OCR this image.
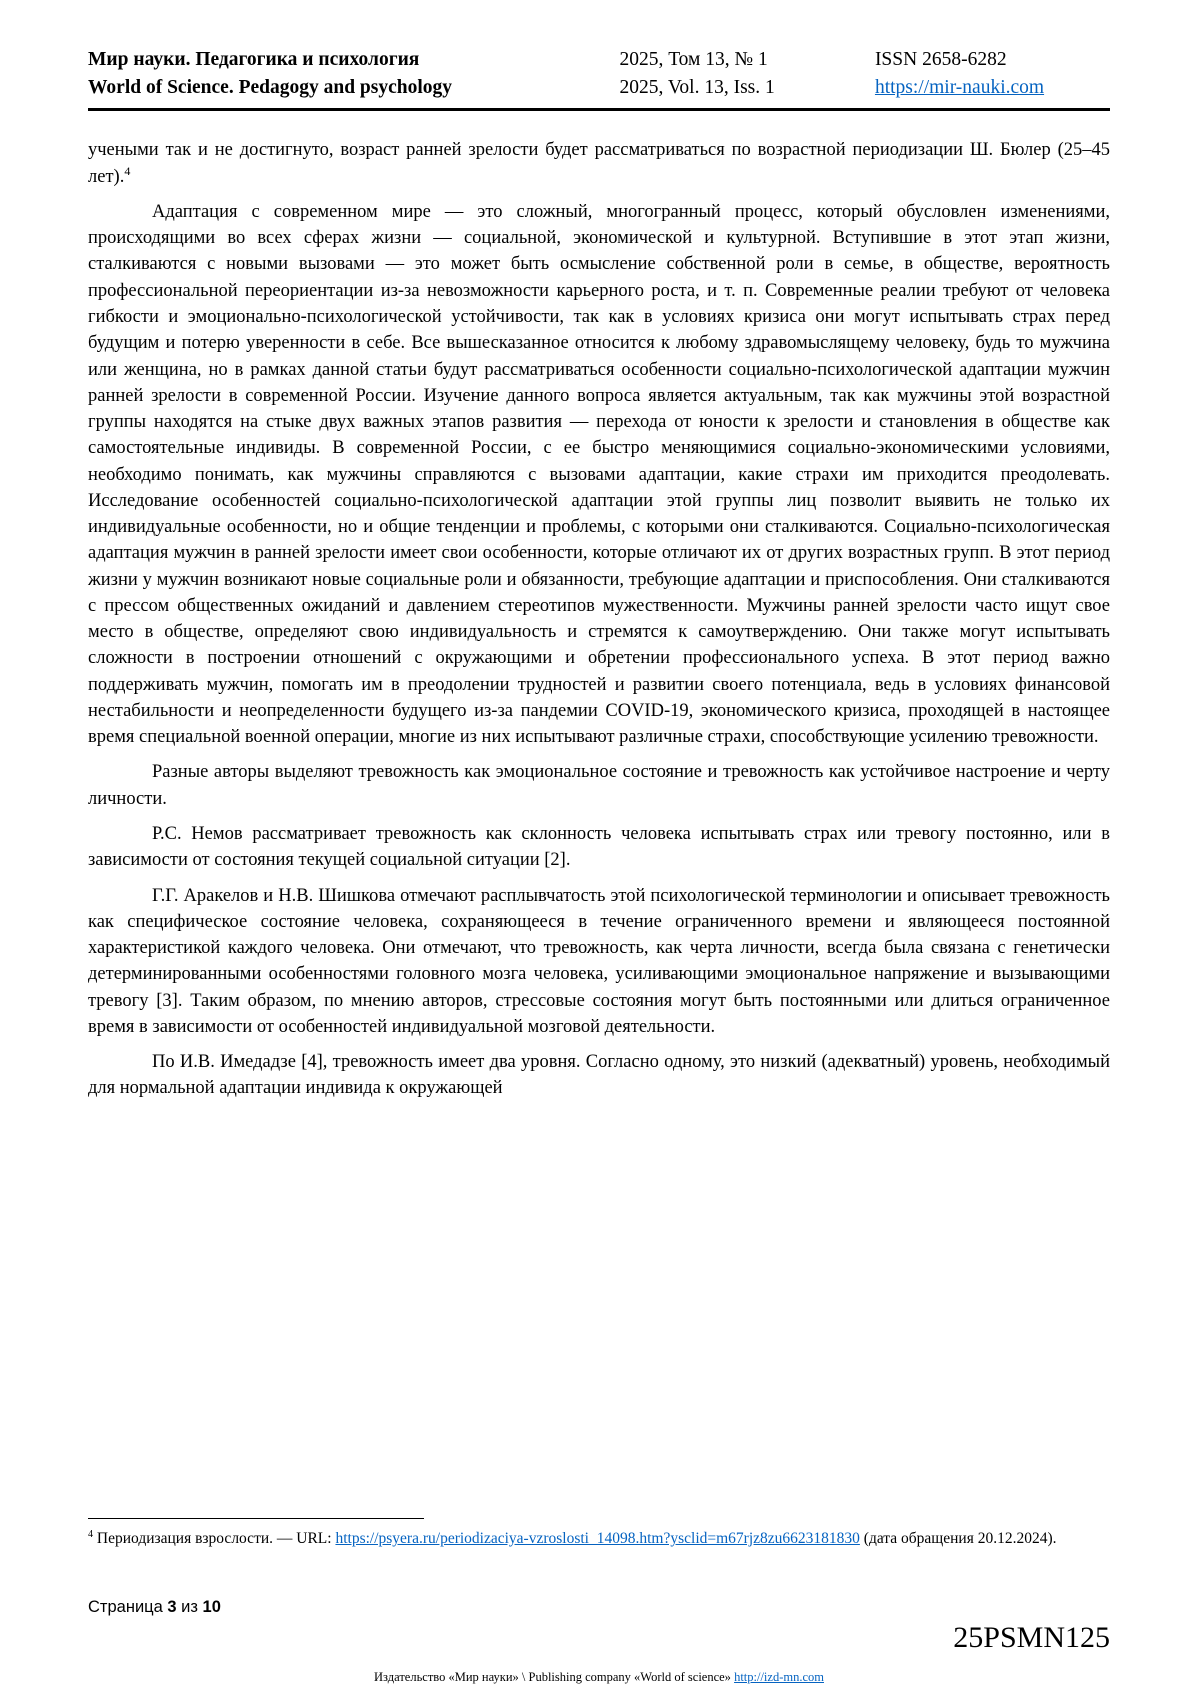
Мир науки. Педагогика и психология
World of Science. Pedagogy and psychology
2025, Том 13, № 1
2025, Vol. 13, Iss. 1
ISSN 2658-6282
https://mir-nauki.com

учеными так и не достигнуто, возраст ранней зрелости будет рассматриваться по возрастной периодизации Ш. Бюлер (25–45 лет).$^4$

Адаптация с современном мире — это сложный, многогранный процесс, который обусловлен изменениями, происходящими во всех сферах жизни — социальной, экономической и культурной. Вступившие в этот этап жизни, сталкиваются с новыми вызовами — это может быть осмысление собственной роли в семье, в обществе, вероятность профессиональной переориентации из-за невозможности карьерного роста, и т. п. Современные реалии требуют от человека гибкости и эмоционально-психологической устойчивости, так как в условиях кризиса они могут испытывать страх перед будущим и потерю уверенности в себе. Все вышесказанное относится к любому здравомыслящему человеку, будь то мужчина или женщина, но в рамках данной статьи будут рассматриваться особенности социально-психологической адаптации мужчин ранней зрелости в современной России. Изучение данного вопроса является актуальным, так как мужчины этой возрастной группы находятся на стыке двух важных этапов развития — перехода от юности к зрелости и становления в обществе как самостоятельные индивиды. В современной России, с ее быстро меняющимися социально-экономическими условиями, необходимо понимать, как мужчины справляются с вызовами адаптации, какие страхи им приходится преодолевать. Исследование особенностей социально-психологической адаптации этой группы лиц позволит выявить не только их индивидуальные особенности, но и общие тенденции и проблемы, с которыми они сталкиваются. Социально-психологическая адаптация мужчин в ранней зрелости имеет свои особенности, которые отличают их от других возрастных групп. В этот период жизни у мужчин возникают новые социальные роли и обязанности, требующие адаптации и приспособления. Они сталкиваются с прессом общественных ожиданий и давлением стереотипов мужественности. Мужчины ранней зрелости часто ищут свое место в обществе, определяют свою индивидуальность и стремятся к самоутверждению. Они также могут испытывать сложности в построении отношений с окружающими и обретении профессионального успеха. В этот период важно поддерживать мужчин, помогать им в преодолении трудностей и развитии своего потенциала, ведь в условиях финансовой нестабильности и неопределенности будущего из-за пандемии COVID-19, экономического кризиса, проходящей в настоящее время специальной военной операции, многие из них испытывают различные страхи, способствующие усилению тревожности.

Разные авторы выделяют тревожность как эмоциональное состояние и тревожность как устойчивое настроение и черту личности.

Р.С. Немов рассматривает тревожность как склонность человека испытывать страх или тревогу постоянно, или в зависимости от состояния текущей социальной ситуации [2].

Г.Г. Аракелов и Н.В. Шишкова отмечают расплывчатость этой психологической терминологии и описывает тревожность как специфическое состояние человека, сохраняющееся в течение ограниченного времени и являющееся постоянной характеристикой каждого человека. Они отмечают, что тревожность, как черта личности, всегда была связана с генетически детерминированными особенностями головного мозга человека, усиливающими эмоциональное напряжение и вызывающими тревогу [3]. Таким образом, по мнению авторов, стрессовые состояния могут быть постоянными или длиться ограниченное время в зависимости от особенностей индивидуальной мозговой деятельности.

По И.В. Имедадзе [4], тревожность имеет два уровня. Согласно одному, это низкий (адекватный) уровень, необходимый для нормальной адаптации индивида к окружающей

$^4$ Периодизация взрослости. — URL: https://psyera.ru/periodizaciya-vzroslosti_14098.htm?ysclid=m67rjz8zu6623181830 (дата обращения 20.12.2024).
Страница 3 из 10
25PSMN125
Издательство «Мир науки» \ Publishing company «World of science» http://izd-mn.com
